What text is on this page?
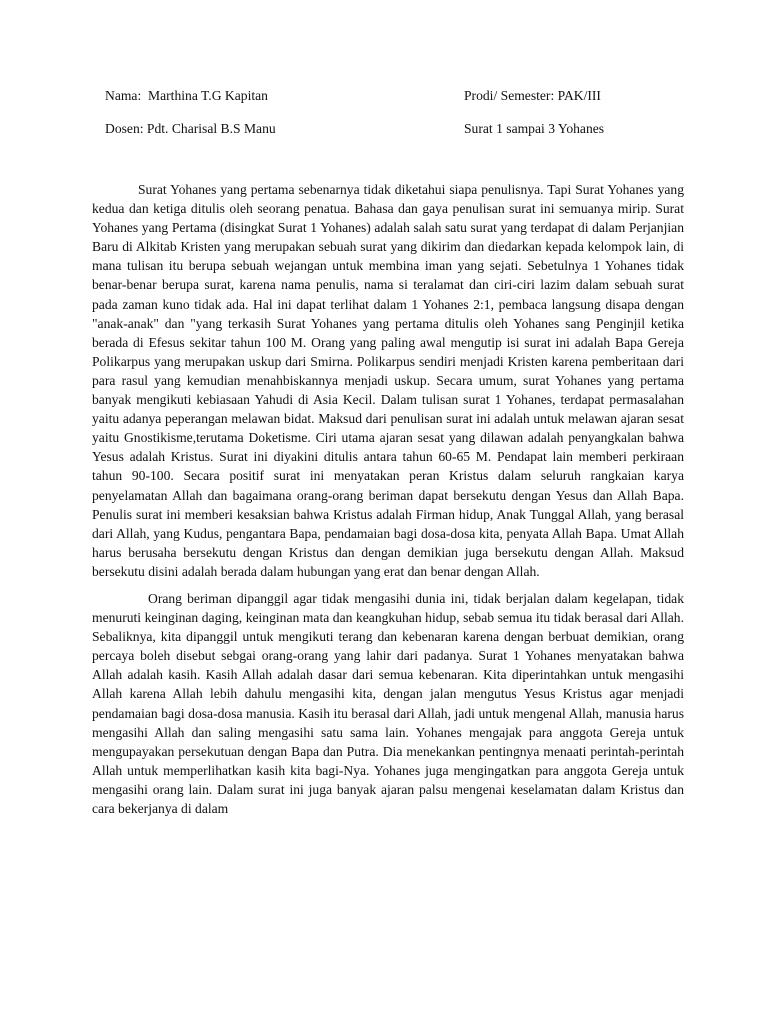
Nama:  Marthina T.G Kapitan	Prodi/ Semester: PAK/III
Dosen: Pdt. Charisal B.S Manu	Surat 1 sampai 3 Yohanes

Surat Yohanes yang pertama sebenarnya tidak diketahui siapa penulisnya. Tapi Surat Yohanes yang kedua dan ketiga ditulis oleh seorang penatua. Bahasa dan gaya penulisan surat ini semuanya mirip. Surat Yohanes yang Pertama (disingkat Surat 1 Yohanes) adalah salah satu surat yang terdapat di dalam Perjanjian Baru di Alkitab Kristen yang merupakan sebuah surat yang dikirim dan diedarkan kepada kelompok lain, di mana tulisan itu berupa sebuah wejangan untuk membina iman yang sejati. Sebetulnya 1 Yohanes tidak benar-benar berupa surat, karena nama penulis, nama si teralamat dan ciri-ciri lazim dalam sebuah surat pada zaman kuno tidak ada. Hal ini dapat terlihat dalam 1 Yohanes 2:1, pembaca langsung disapa dengan "anak-anak" dan "yang terkasih Surat Yohanes yang pertama ditulis oleh Yohanes sang Penginjil ketika berada di Efesus sekitar tahun 100 M. Orang yang paling awal mengutip isi surat ini adalah Bapa Gereja Polikarpus yang merupakan uskup dari Smirna. Polikarpus sendiri menjadi Kristen karena pemberitaan dari para rasul yang kemudian menahbiskannya menjadi uskup. Secara umum, surat Yohanes yang pertama banyak mengikuti kebiasaan Yahudi di Asia Kecil. Dalam tulisan surat 1 Yohanes, terdapat permasalahan yaitu adanya peperangan melawan bidat. Maksud dari penulisan surat ini adalah untuk melawan ajaran sesat yaitu Gnostikisme,terutama Doketisme. Ciri utama ajaran sesat yang dilawan adalah penyangkalan bahwa Yesus adalah Kristus. Surat ini diyakini ditulis antara tahun 60-65 M. Pendapat lain memberi perkiraan tahun 90-100. Secara positif surat ini menyatakan peran Kristus dalam seluruh rangkaian karya penyelamatan Allah dan bagaimana orang-orang beriman dapat bersekutu dengan Yesus dan Allah Bapa. Penulis surat ini memberi kesaksian bahwa Kristus adalah Firman hidup, Anak Tunggal Allah, yang berasal dari Allah, yang Kudus, pengantara Bapa, pendamaian bagi dosa-dosa kita, penyata Allah Bapa. Umat Allah harus berusaha bersekutu dengan Kristus dan dengan demikian juga bersekutu dengan Allah. Maksud bersekutu disini adalah berada dalam hubungan yang erat dan benar dengan Allah.

Orang beriman dipanggil agar tidak mengasihi dunia ini, tidak berjalan dalam kegelapan, tidak menuruti keinginan daging, keinginan mata dan keangkuhan hidup, sebab semua itu tidak berasal dari Allah. Sebaliknya, kita dipanggil untuk mengikuti terang dan kebenaran karena dengan berbuat demikian, orang percaya boleh disebut sebgai orang-orang yang lahir dari padanya. Surat 1 Yohanes menyatakan bahwa Allah adalah kasih. Kasih Allah adalah dasar dari semua kebenaran. Kita diperintahkan untuk mengasihi Allah karena Allah lebih dahulu mengasihi kita, dengan jalan mengutus Yesus Kristus agar menjadi pendamaian bagi dosa-dosa manusia. Kasih itu berasal dari Allah, jadi untuk mengenal Allah, manusia harus mengasihi Allah dan saling mengasihi satu sama lain. Yohanes mengajak para anggota Gereja untuk mengupayakan persekutuan dengan Bapa dan Putra. Dia menekankan pentingnya menaati perintah-perintah Allah untuk memperlihatkan kasih kita bagi-Nya. Yohanes juga mengingatkan para anggota Gereja untuk mengasihi orang lain. Dalam surat ini juga banyak ajaran palsu mengenai keselamatan dalam Kristus dan cara bekerjanya di dalam
